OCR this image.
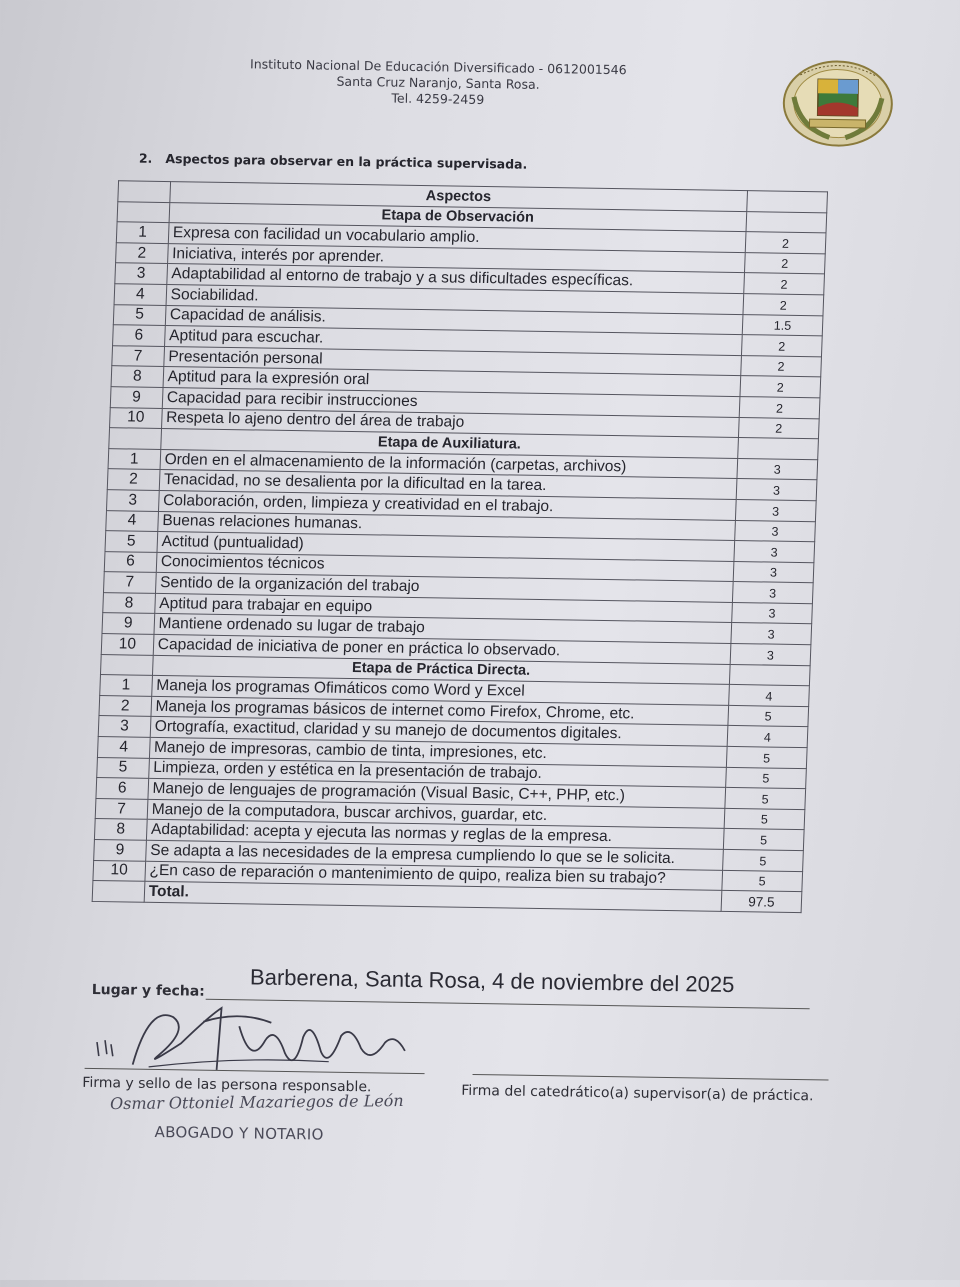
Instituto Nacional De Educación Diversificado - 0612001546
Santa Cruz Naranjo, Santa Rosa.
Tel. 4259-2459
2. Aspectos para observar en la práctica supervisada.
	Aspectos	
	Etapa de Observación	
1	Expresa con facilidad un vocabulario amplio.	2
2	Iniciativa, interés por aprender.	2
3	Adaptabilidad al entorno de trabajo y a sus dificultades específicas.	2
4	Sociabilidad.	2
5	Capacidad de análisis.	1.5
6	Aptitud para escuchar.	2
7	Presentación personal	2
8	Aptitud para la expresión oral	2
9	Capacidad para recibir instrucciones	2
10	Respeta lo ajeno dentro del área de trabajo	2
	Etapa de Auxiliatura.	
1	Orden en el almacenamiento de la información (carpetas, archivos)	3
2	Tenacidad, no se desalienta por la dificultad en la tarea.	3
3	Colaboración, orden, limpieza y creatividad en el trabajo.	3
4	Buenas relaciones humanas.	3
5	Actitud (puntualidad)	3
6	Conocimientos técnicos	3
7	Sentido de la organización del trabajo	3
8	Aptitud para trabajar en equipo	3
9	Mantiene ordenado su lugar de trabajo	3
10	Capacidad de iniciativa de poner en práctica lo observado.	3
	Etapa de Práctica Directa.	
1	Maneja los programas Ofimáticos como Word y Excel	4
2	Maneja los programas básicos de internet como Firefox, Chrome, etc.	5
3	Ortografía, exactitud, claridad y su manejo de documentos digitales.	4
4	Manejo de impresoras, cambio de tinta, impresiones, etc.	5
5	Limpieza, orden y estética en la presentación de trabajo.	5
6	Manejo de lenguajes de programación (Visual Basic, C++, PHP, etc.)	5
7	Manejo de la computadora, buscar archivos, guardar, etc.	5
8	Adaptabilidad: acepta y ejecuta las normas y reglas de la empresa.	5
9	Se adapta a las necesidades de la empresa cumpliendo lo que se le solicita.	5
10	¿En caso de reparación o mantenimiento de quipo, realiza bien su trabajo?	5
	Total.	97.5
Lugar y fecha: Barberena, Santa Rosa, 4 de noviembre del 2025
Firma y sello de las persona responsable.	Firma del catedrático(a) supervisor(a) de práctica.
Osmar Ottoniel Mazariegos de León
ABOGADO Y NOTARIO
